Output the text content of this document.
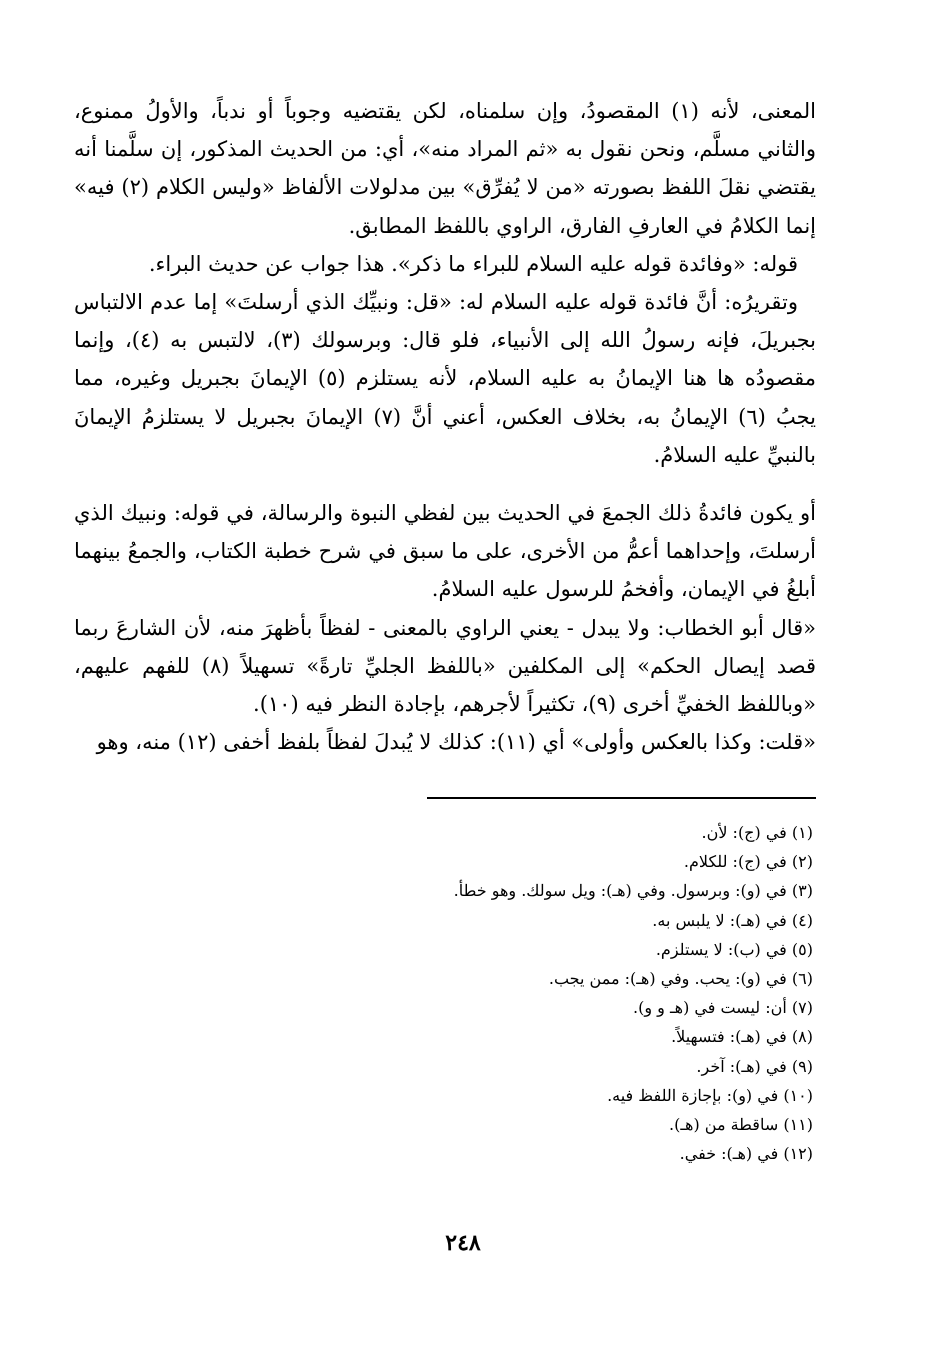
المعنى، لأنه (١) المقصودُ، وإن سلمناه، لكن يقتضيه وجوباً أو ندباً، والأولُ ممنوع، والثاني مسلَّم، ونحن نقول به «ثم المراد منه»، أي: من الحديث المذكور، إن سلَّمنا أنه يقتضي نقلَ اللفظ بصورته «من لا يُفرِّق» بين مدلولات الألفاظ «وليس الكلام (٢) فيه» إنما الكلامُ في العارفِ الفارق، الراوي باللفظ المطابق.

قوله: «وفائدة قوله عليه السلام للبراء ما ذكر». هذا جواب عن حديث البراء.

وتقريرُه: أنَّ فائدة قوله عليه السلام له: «قل: ونبيِّك الذي أرسلتَ» إما عدم الالتباس بجبريلَ، فإنه رسولُ الله إلى الأنبياء، فلو قال: وبرسولك (٣)، لالتبس به (٤)، وإنما مقصودُه ها هنا الإيمانُ به عليه السلام، لأنه يستلزم (٥) الإيمانَ بجبريل وغيره، مما يجبُ (٦) الإيمانُ به، بخلاف العكس، أعني أنَّ (٧) الإيمانَ بجبريل لا يستلزمُ الإيمانَ بالنبيِّ عليه السلامُ.

أو يكون فائدةُ ذلك الجمعَ في الحديث بين لفظي النبوة والرسالة، في قوله: ونبيك الذي أرسلتَ، وإحداهما أعمُّ من الأخرى، على ما سبق في شرح خطبة الكتاب، والجمعُ بينهما أبلغُ في الإيمان، وأفخمُ للرسول عليه السلامُ.

«قال أبو الخطاب: ولا يبدل - يعني الراوي بالمعنى - لفظاً بأظهرَ منه، لأن الشارعَ ربما قصد إيصال الحكم» إلى المكلفين «باللفظ الجليِّ تارةً» تسهيلاً (٨) للفهم عليهم، «وباللفظ الخفيِّ أخرى (٩)، تكثيراً لأجرهم، بإجادة النظر فيه (١٠).

«قلت: وكذا بالعكس وأولى» أي (١١): كذلك لا يُبدلَ لفظاً بلفظ أخفى (١٢) منه، وهو

(١) في (ج): لأن.

(٢) في (ج): للكلام.

(٣) في (و): وبرسول. وفي (هـ): ويل سولك. وهو خطأ.

(٤) في (هـ): لا يلبس به.

(٥) في (ب): لا يستلزم.

(٦) في (و): يحب. وفي (هـ): ممن يجب.

(٧) أن: ليست في (هـ و و).

(٨) في (هـ): فتسهيلاً.

(٩) في (هـ): آخر.

(١٠) في (و): بإجازة اللفظ فيه.

(١١) ساقطة من (هـ).

(١٢) في (هـ): خفي.

٢٤٨
